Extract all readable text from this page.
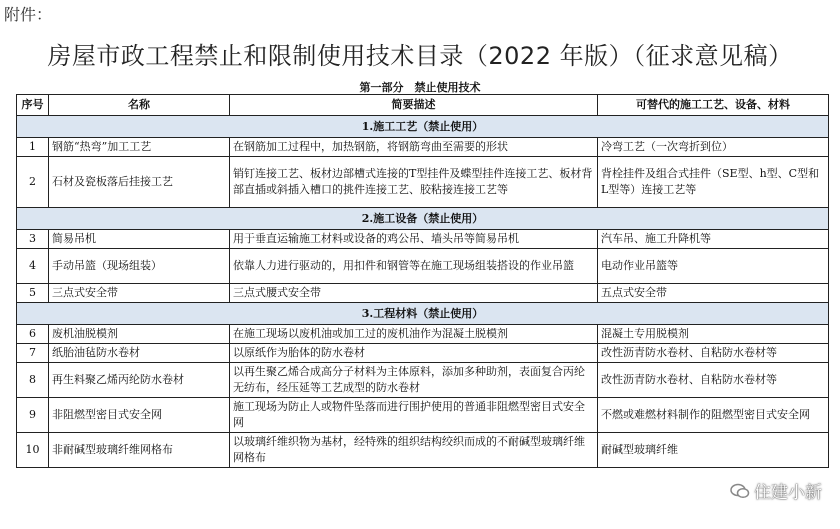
附件：
房屋市政工程禁止和限制使用技术目录（2022 年版）（征求意见稿）
第一部分　禁止使用技术
序号	名称	简要描述	可替代的施工工艺、设备、材料
1.施工工艺（禁止使用）			
1	钢筋“热弯”加工工艺	在钢筋加工过程中，加热钢筋，将钢筋弯曲至需要的形状	冷弯工艺（一次弯折到位）
2	石材及瓷板落后挂接工艺	销钉连接工艺、板材边部槽式连接的T型挂件及蝶型挂件连接工艺、板材背部直插或斜插入槽口的挑件连接工艺、胶粘接连接工艺等	背栓挂件及组合式挂件（SE型、h型、C型和L型等）连接工艺等
2.施工设备（禁止使用）			
3	简易吊机	用于垂直运输施工材料或设备的鸡公吊、墙头吊等简易吊机	汽车吊、施工升降机等
4	手动吊篮（现场组装）	依靠人力进行驱动的，用扣件和钢管等在施工现场组装搭设的作业吊篮	电动作业吊篮等
5	三点式安全带	三点式腰式安全带	五点式安全带
3.工程材料（禁止使用）			
6	废机油脱模剂	在施工现场以废机油或加工过的废机油作为混凝土脱模剂	混凝土专用脱模剂
7	纸胎油毡防水卷材	以原纸作为胎体的防水卷材	改性沥青防水卷材、自粘防水卷材等
8	再生料聚乙烯丙纶防水卷材	以再生聚乙烯合成高分子材料为主体原料，添加多种助剂，表面复合丙纶无纺布，经压延等工艺成型的防水卷材	改性沥青防水卷材、自粘防水卷材等
9	非阻燃型密目式安全网	施工现场为防止人或物件坠落而进行围护使用的普通非阻燃型密目式安全网	不燃或难燃材料制作的阻燃型密目式安全网
10	非耐碱型玻璃纤维网格布	以玻璃纤维织物为基材，经特殊的组织结构绞织而成的不耐碱型玻璃纤维网格布	耐碱型玻璃纤维
住建小新
